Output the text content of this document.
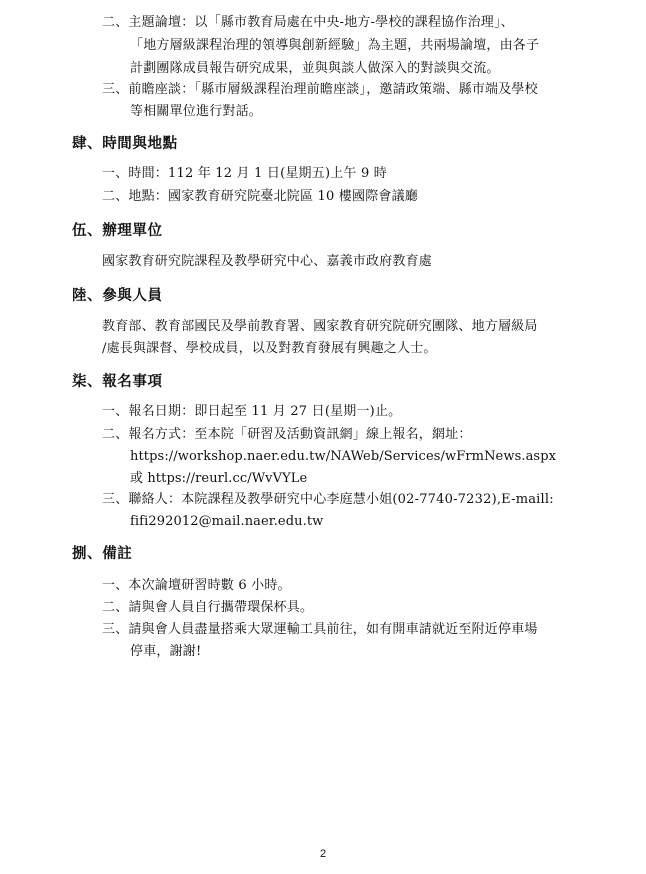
二、主題論壇：以「縣市教育局處在中央-地方-學校的課程協作治理」、
「地方層級課程治理的領導與創新經驗」為主題，共兩場論壇，由各子
計劃團隊成員報告研究成果，並與與談人做深入的對談與交流。
三、前瞻座談：「縣市層級課程治理前瞻座談」，邀請政策端、縣市端及學校
等相關單位進行對話。
肆、時間與地點
一、時間：112 年 12 月 1 日(星期五)上午 9 時
二、地點：國家教育研究院臺北院區 10 樓國際會議廳
伍、辦理單位
國家教育研究院課程及教學研究中心、嘉義市政府教育處
陸、參與人員
教育部、教育部國民及學前教育署、國家教育研究院研究團隊、地方層級局
/處長與課督、學校成員，以及對教育發展有興趣之人士。
柒、報名事項
一、報名日期：即日起至 11 月 27 日(星期一)止。
二、報名方式：至本院「研習及活動資訊網」線上報名，網址：
https://workshop.naer.edu.tw/NAWeb/Services/wFrmNews.aspx
或 https://reurl.cc/WvVYLe
三、聯絡人：本院課程及教學研究中心李庭慧小姐(02-7740-7232),E-maill:
fifi292012@mail.naer.edu.tw
捌、備註
一、本次論壇研習時數 6 小時。
二、請與會人員自行攜帶環保杯具。
三、請與會人員盡量搭乘大眾運輸工具前往，如有開車請就近至附近停車場
停車，謝謝!
2
